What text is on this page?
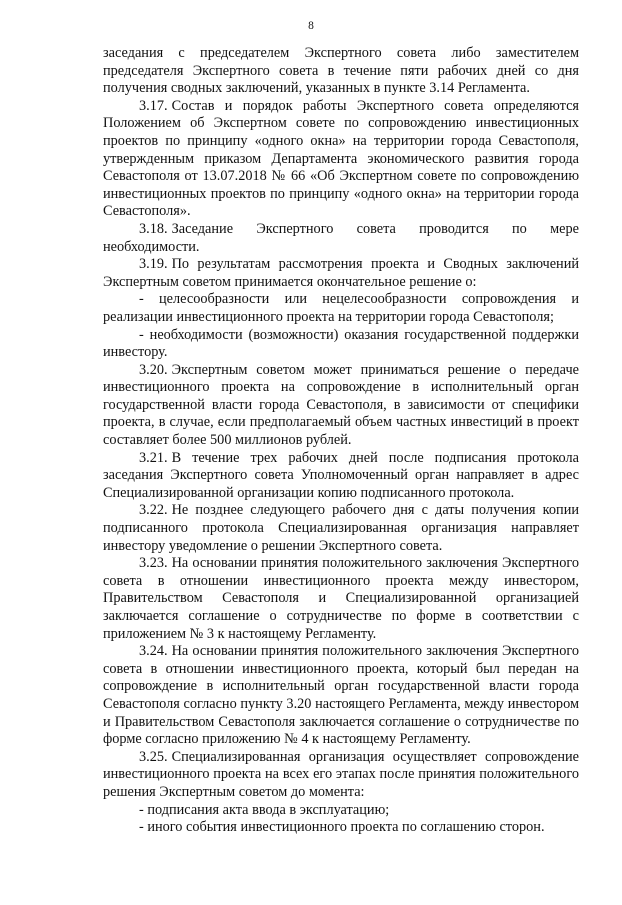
8

заседания с председателем Экспертного совета либо заместителем председателя Экспертного совета в течение пяти рабочих дней со дня получения сводных заключений, указанных в пункте 3.14 Регламента.

3.17. Состав и порядок работы Экспертного совета определяются Положением об Экспертном совете по сопровождению инвестиционных проектов по принципу «одного окна» на территории города Севастополя, утвержденным приказом Департамента экономического развития города Севастополя от 13.07.2018 № 66 «Об Экспертном совете по сопровождению инвестиционных проектов по принципу «одного окна» на территории города Севастополя».

3.18. Заседание Экспертного совета проводится по мере необходимости.

3.19. По результатам рассмотрения проекта и Сводных заключений Экспертным советом принимается окончательное решение о:

- целесообразности или нецелесообразности сопровождения и реализации инвестиционного проекта на территории города Севастополя;

- необходимости (возможности) оказания государственной поддержки инвестору.

3.20. Экспертным советом может приниматься решение о передаче инвестиционного проекта на сопровождение в исполнительный орган государственной власти города Севастополя, в зависимости от специфики проекта, в случае, если предполагаемый объем частных инвестиций в проект составляет более 500 миллионов рублей.

3.21. В течение трех рабочих дней после подписания протокола заседания Экспертного совета Уполномоченный орган направляет в адрес Специализированной организации копию подписанного протокола.

3.22. Не позднее следующего рабочего дня с даты получения копии подписанного протокола Специализированная организация направляет инвестору уведомление о решении Экспертного совета.

3.23. На основании принятия положительного заключения Экспертного совета в отношении инвестиционного проекта между инвестором, Правительством Севастополя и Специализированной организацией заключается соглашение о сотрудничестве по форме в соответствии с приложением № 3 к настоящему Регламенту.

3.24. На основании принятия положительного заключения Экспертного совета в отношении инвестиционного проекта, который был передан на сопровождение в исполнительный орган государственной власти города Севастополя согласно пункту 3.20 настоящего Регламента, между инвестором и Правительством Севастополя заключается соглашение о сотрудничестве по форме согласно приложению № 4 к настоящему Регламенту.

3.25. Специализированная организация осуществляет сопровождение инвестиционного проекта на всех его этапах после принятия положительного решения Экспертным советом до момента:

- подписания акта ввода в эксплуатацию;

- иного события инвестиционного проекта по соглашению сторон.
